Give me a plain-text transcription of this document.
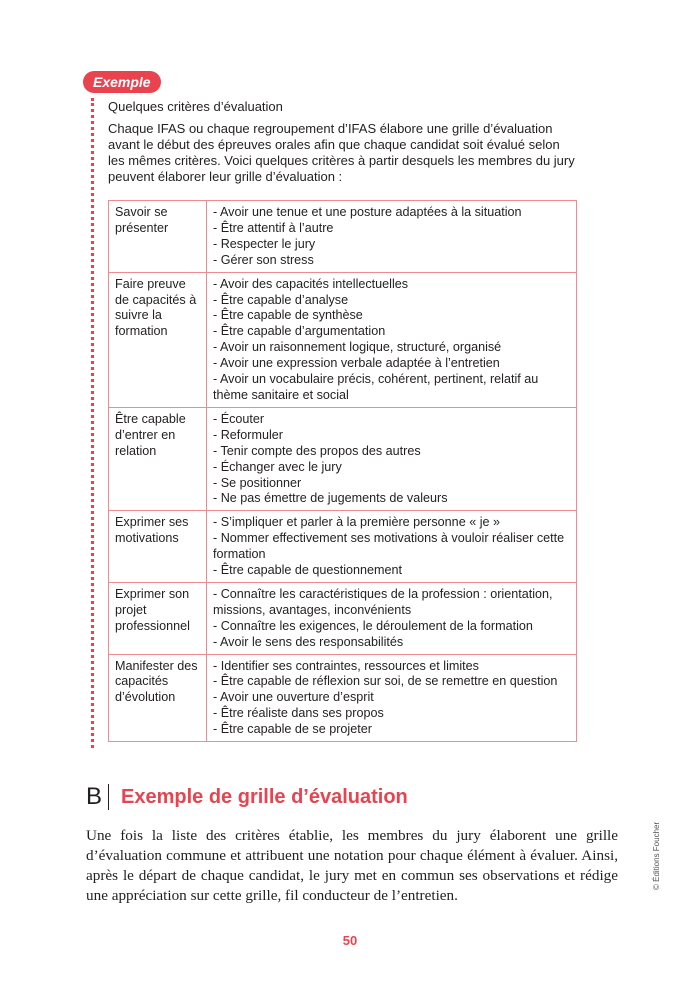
Exemple
Quelques critères d’évaluation
Chaque IFAS ou chaque regroupement d’IFAS élabore une grille d’évaluation avant le début des épreuves orales afin que chaque candidat soit évalué selon les mêmes critères. Voici quelques critères à partir desquels les membres du jury peuvent élaborer leur grille d’évaluation :
Savoir se présenter	- Avoir une tenue et une posture adaptées à la situation
- Être attentif à l’autre
- Respecter le jury
- Gérer son stress
Faire preuve de capacités à suivre la formation	- Avoir des capacités intellectuelles
- Être capable d’analyse
- Être capable de synthèse
- Être capable d’argumentation
- Avoir un raisonnement logique, structuré, organisé
- Avoir une expression verbale adaptée à l’entretien
- Avoir un vocabulaire précis, cohérent, pertinent, relatif au thème sanitaire et social
Être capable d’entrer en relation	- Écouter
- Reformuler
- Tenir compte des propos des autres
- Échanger avec le jury
- Se positionner
- Ne pas émettre de jugements de valeurs
Exprimer ses motivations	- S’impliquer et parler à la première personne « je »
- Nommer effectivement ses motivations à vouloir réaliser cette formation
- Être capable de questionnement
Exprimer son projet professionnel	- Connaître les caractéristiques de la profession : orientation, missions, avantages, inconvénients
- Connaître les exigences, le déroulement de la formation
- Avoir le sens des responsabilités
Manifester des capacités d’évolution	- Identifier ses contraintes, ressources et limites
- Être capable de réflexion sur soi, de se remettre en question
- Avoir une ouverture d’esprit
- Être réaliste dans ses propos
- Être capable de se projeter
B Exemple de grille d’évaluation
Une fois la liste des critères établie, les membres du jury élaborent une grille d’évaluation commune et attribuent une notation pour chaque élément à évaluer. Ainsi, après le départ de chaque candidat, le jury met en commun ses observations et rédige une appréciation sur cette grille, fil conducteur de l’entretien.
© Éditions Foucher
50
